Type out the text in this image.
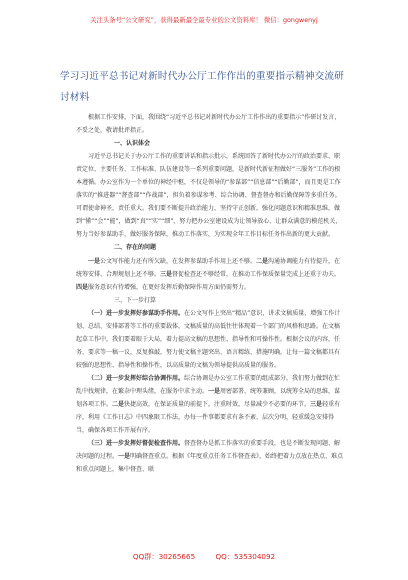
关注头条号“公文研究”，获得最新最全最专业的公文资料库！ 微信：gongwenyj
学习习近平总书记对新时代办公厅工作作出的重要指示精神交流研讨材料

根据工作安排，下面，我围绕“习近平总书记对新时代办公厅工作作出的重要指示”作研讨发言，不妥之处，敬请批评指正。

一、认识体会

习近平总书记关于办公厅工作的重要讲话和指示批示，系统回答了新时代办公厅的政治要求、职责定位、主要任务、工作标准、队伍建设等一系列重要问题，是新时代新征程做好“三服务”工作的根本遵循。办公室作为一个单位的神经中枢，不仅是领导的“参谋部”“信息部”“后勤部”，而且更是工作落实的“推进器”“督查部”“作战部”，担负着参谋参考、综合协调、督查督办和后勤保障等多重任务。可谓使命神圣，责任重大。我们要不断提升政治能力，坚持守正创新，强化问题意识和精准思维，做到“懂”“会”“能”，做到“真”“实”“细”，努力把办公室建设成为让领导放心、让群众满意的模范机关，努力当好参谋助手，做好服务保障，推动工作落实，为实现全年工作目标任务作出新的更大贡献。

二、存在的问题

一是公文写作能力还有所欠缺，在发挥参谋助手作用上还不够。二是沟通协调能力有待提升，在统筹安排、合理规划上还不够。三是督促检查还不够经常，在推动工作保质保量完成上还重于功夫。四是服务意识有待增强，在更好发挥后勤保障作用方面仍需努力。

三、下一步打算

（一）进一步发挥好参谋助手作用。在公文写作上突出“精品”意识，讲求文稿质量，增强工作计划、总结、安排部署等工作的重要载体，文稿质量的高低往往体现着一个部门的风格和思路。在文稿起草工作中，我们要着眼于大局，着力提高文稿的思想性、指导性和可操作性。根据会议的内容，任务、要求等一稿一议，反复推敲，努力使文稿主题突出、语言精练、措施明确，让每一篇文稿都具有较强的思想性、指导性和操作性，以高质量的文稿为领导提供高质量的服务。

（二）进一步发挥好综合协调作用。综合协调是办公室工作重要的组成部分。我们努力做到在忙乱中找规律，在繁杂中理头绪，在服务中求主动。一是周密部署、统筹兼顾，以统筹全局的思维，谋划各项工作。二是快捷高效，在保证质量的前提下，注重时效，尽量减少不必要的环节。三是轻重有序，利用《工作日志》中四象限工作法，办每一件事都要求有条不紊、层次分明，轻重缓急安排得当，确保各项工作开展有序。

（三）进一步发挥好督促检查作用。督查督办是抓工作落实的重要手段，也是不断发现问题、解决问题的过程。一是明确督查重点。根据《年度重点任务工作督查表》，始终把着力点放在热点、难点和重点问题上，集中督查、联

QQ群：30265665	QQ：535304092
